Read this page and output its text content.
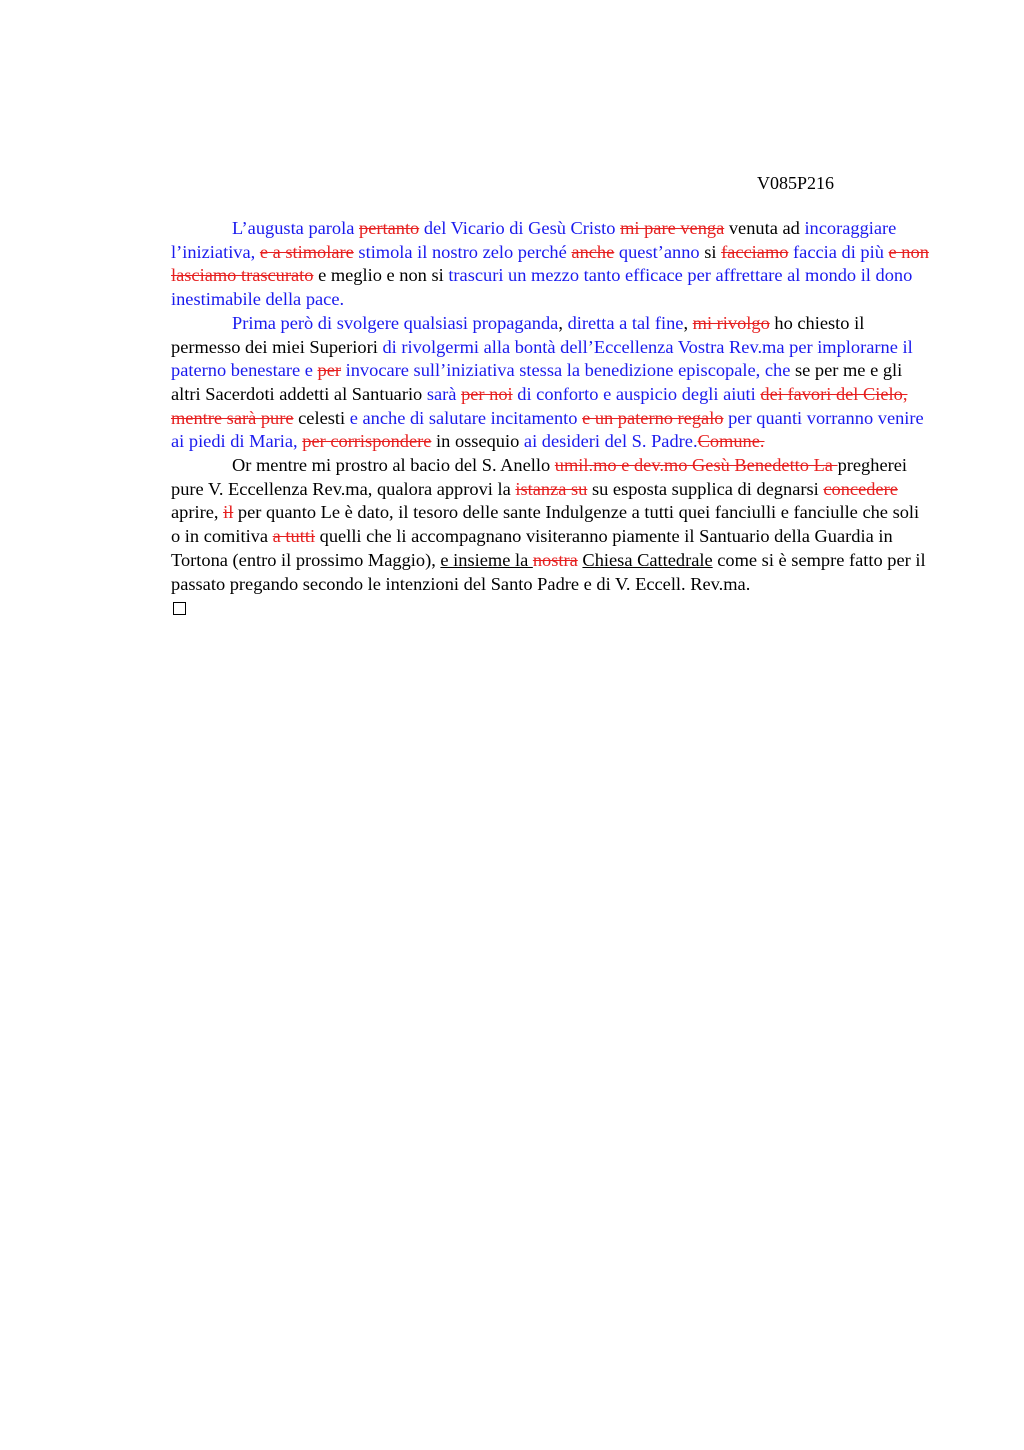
V085P216

L’augusta parola pertanto del Vicario di Gesù Cristo mi pare venga venuta ad incoraggiare l’iniziativa, e a stimolare stimola il nostro zelo perché anche quest’anno si facciamo faccia di più e non lasciamo trascurato e meglio e non si trascuri un mezzo tanto efficace per affrettare al mondo il dono inestimabile della pace.

Prima però di svolgere qualsiasi propaganda, diretta a tal fine, mi rivolgo ho chiesto il permesso dei miei Superiori di rivolgermi alla bontà dell’Eccellenza Vostra Rev.ma per implorarne il paterno benestare e per invocare sull’iniziativa stessa la benedizione episcopale, che se per me e gli altri Sacerdoti addetti al Santuario sarà per noi di conforto e auspicio degli aiuti dei favori del Cielo, mentre sarà pure celesti e anche di salutare incitamento e un paterno regalo per quanti vorranno venire ai piedi di Maria, per corrispondere in ossequio ai desideri del S. Padre.Comune.

Or mentre mi prostro al bacio del S. Anello umil.mo e dev.mo Gesù Benedetto La pregherei pure V. Eccellenza Rev.ma, qualora approvi la istanza su su esposta supplica di degnarsi concedere aprire, il per quanto Le è dato, il tesoro delle sante Indulgenze a tutti quei fanciulli e fanciulle che soli o in comitiva a tutti quelli che li accompagnano visiteranno piamente il Santuario della Guardia in Tortona (entro il prossimo Maggio), e insieme la nostra Chiesa Cattedrale come si è sempre fatto per il passato pregando secondo le intenzioni del Santo Padre e di V. Eccell. Rev.ma.
